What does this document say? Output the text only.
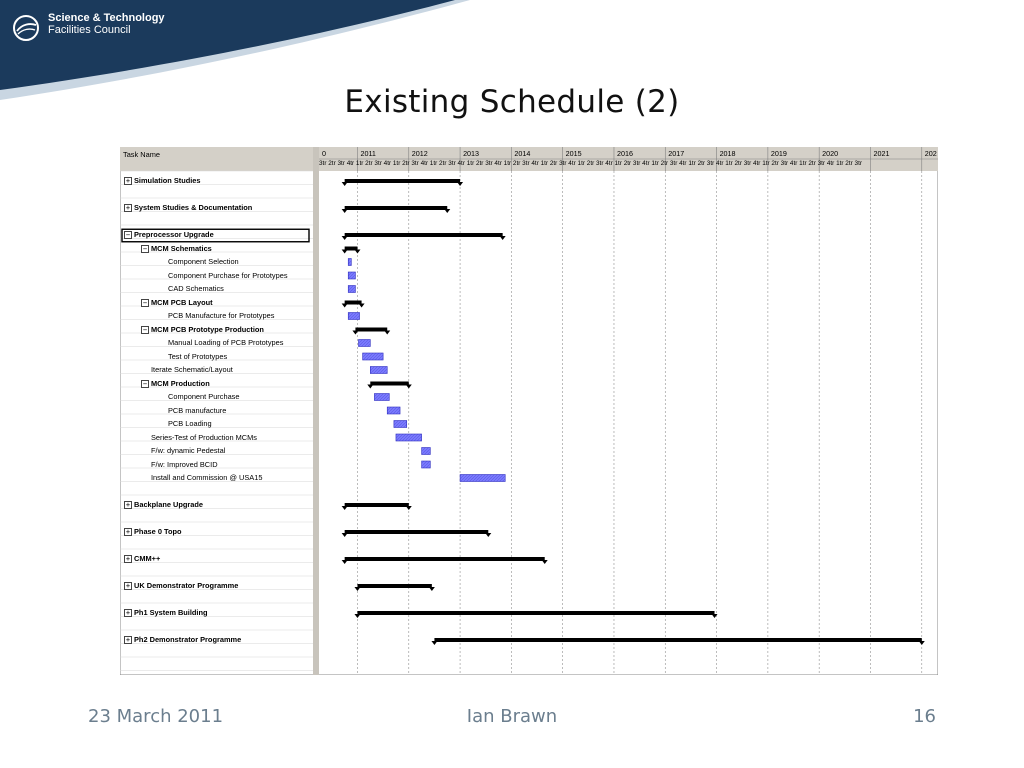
Science & Technology
Facilities Council
Existing Schedule (2)
Task Name
+ Simulation Studies
+ System Studies & Documentation
− Preprocessor Upgrade
− MCM Schematics
Component Selection
Component Purchase for Prototypes
CAD Schematics
− MCM PCB Layout
PCB Manufacture for Prototypes
− MCM PCB Prototype Production
Manual Loading of PCB Prototypes
Test of Prototypes
Iterate Schematic/Layout
− MCM Production
Component Purchase
PCB manufacture
PCB Loading
Series-Test of Production MCMs
F/w: dynamic Pedestal
F/w: Improved BCID
Install and Commission @ USA15
+ Backplane Upgrade
+ Phase 0 Topo
+ CMM++
+ UK Demonstrator Programme
+ Ph1 System Building
+ Ph2 Demonstrator Programme
2011	2012	2013	2014	2015	2016	2017	2018	2019	2020	2021	202
0
3tr 2tr 3tr 4tr 1tr 2tr 3tr 4tr 1tr 2tr 3tr 4tr 1tr 2tr 3tr 4tr 1tr 2tr 3tr 4tr 1tr 2tr 3tr 4tr 1tr 2tr 3tr 4tr 1tr 2tr 3tr 4tr 1tr 2tr 3tr 4tr 1tr 2tr 3tr 4tr 1tr 2tr 3tr 4tr 1tr 2tr 3tr 4tr 1tr 2tr 3tr 4tr 1tr 2tr 3tr 4tr 1tr 2tr 3tr
23 March 2011	Ian Brawn	16
